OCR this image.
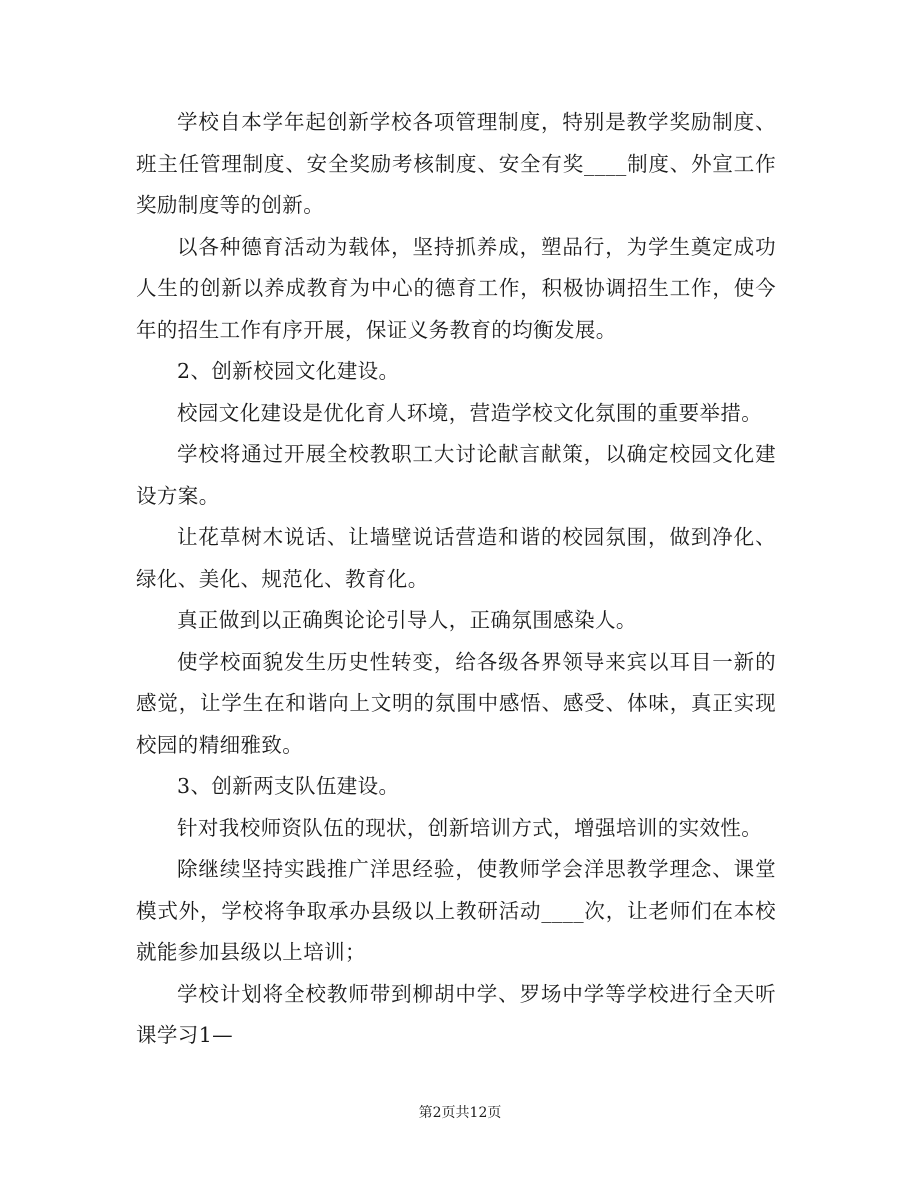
学校自本学年起创新学校各项管理制度，特别是教学奖励制度、班主任管理制度、安全奖励考核制度、安全有奖____制度、外宣工作奖励制度等的创新。

以各种德育活动为载体，坚持抓养成，塑品行，为学生奠定成功人生的创新以养成教育为中心的德育工作，积极协调招生工作，使今年的招生工作有序开展，保证义务教育的均衡发展。

2、创新校园文化建设。

校园文化建设是优化育人环境，营造学校文化氛围的重要举措。

学校将通过开展全校教职工大讨论献言献策，以确定校园文化建设方案。

让花草树木说话、让墙壁说话营造和谐的校园氛围，做到净化、绿化、美化、规范化、教育化。

真正做到以正确舆论论引导人，正确氛围感染人。

使学校面貌发生历史性转变，给各级各界领导来宾以耳目一新的感觉，让学生在和谐向上文明的氛围中感悟、感受、体味，真正实现校园的精细雅致。

3、创新两支队伍建设。

针对我校师资队伍的现状，创新培训方式，增强培训的实效性。

除继续坚持实践推广洋思经验，使教师学会洋思教学理念、课堂模式外，学校将争取承办县级以上教研活动____次，让老师们在本校就能参加县级以上培训；

学校计划将全校教师带到柳胡中学、罗场中学等学校进行全天听课学习1—

第2页共12页
